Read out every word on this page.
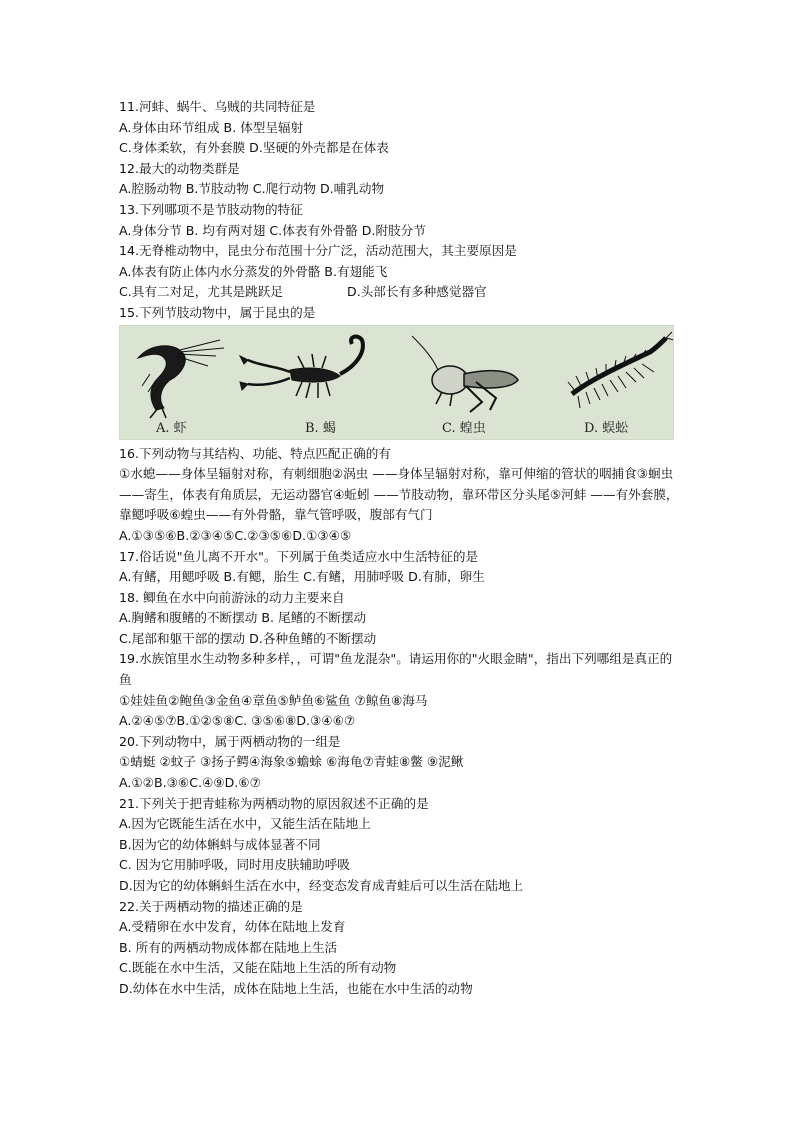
11.河蚌、蜗牛、乌贼的共同特征是
A.身体由环节组成 B. 体型呈辐射
C.身体柔软，有外套膜 D.坚硬的外壳都是在体表
12.最大的动物类群是
A.腔肠动物 B.节肢动物 C.爬行动物 D.哺乳动物
13.下列哪项不是节肢动物的特征
A.身体分节 B. 均有两对翅 C.体表有外骨骼 D.附肢分节
14.无脊椎动物中，昆虫分布范围十分广泛，活动范围大，其主要原因是
A.体表有防止体内水分蒸发的外骨骼 B.有翅能飞
C.具有二对足，尤其是跳跃足	D.头部长有多种感觉器官
15.下列节肢动物中，属于昆虫的是
A. 虾	B. 蝎	C. 蝗虫	D. 蜈蚣
16.下列动物与其结构、功能、特点匹配正确的有
①水螅——身体呈辐射对称，有刺细胞②涡虫 ——身体呈辐射对称，靠可伸缩的管状的咽捕食③蛔虫 ——寄生，体表有角质层，无运动器官④蚯蚓 ——节肢动物，靠环带区分头尾⑤河蚌 ——有外套膜，靠鳃呼吸⑥蝗虫——有外骨骼，靠气管呼吸，腹部有气门
A.①③⑤⑥B.②③④⑤C.②③⑤⑥D.①③④⑤
17.俗话说"鱼儿离不开水"。下列属于鱼类适应水中生活特征的是
A.有鳍，用鳃呼吸 B.有鳃，胎生 C.有鳍，用肺呼吸 D.有肺，卵生
18. 鲫鱼在水中向前游泳的动力主要来自
A.胸鳍和腹鳍的不断摆动 B. 尾鳍的不断摆动
C.尾部和躯干部的摆动 D.各种鱼鳍的不断摆动
19.水族馆里水生动物多种多样，，可谓"鱼龙混杂"。请运用你的"火眼金睛"，指出下列哪组是真正的鱼
①娃娃鱼②鲍鱼③金鱼④章鱼⑤鲈鱼⑥鲨鱼 ⑦鲸鱼⑧海马
A.②④⑤⑦B.①②⑤⑧C. ③⑤⑥⑧D.③④⑥⑦
20.下列动物中，属于两栖动物的一组是
①蜻蜓 ②蚊子 ③扬子鳄④海象⑤蟾蜍 ⑥海龟⑦青蛙⑧鳖 ⑨泥鳅
A.①②B.③⑥C.④⑨D.⑥⑦
21.下列关于把青蛙称为两栖动物的原因叙述不正确的是
A.因为它既能生活在水中，又能生活在陆地上
B.因为它的幼体蝌蚪与成体显著不同
C. 因为它用肺呼吸，同时用皮肤辅助呼吸
D.因为它的幼体蝌蚪生活在水中，经变态发育成青蛙后可以生活在陆地上
22.关于两栖动物的描述正确的是
A.受精卵在水中发育，幼体在陆地上发育
B. 所有的两栖动物成体都在陆地上生活
C.既能在水中生活，又能在陆地上生活的所有动物
D.幼体在水中生活，成体在陆地上生活，也能在水中生活的动物
